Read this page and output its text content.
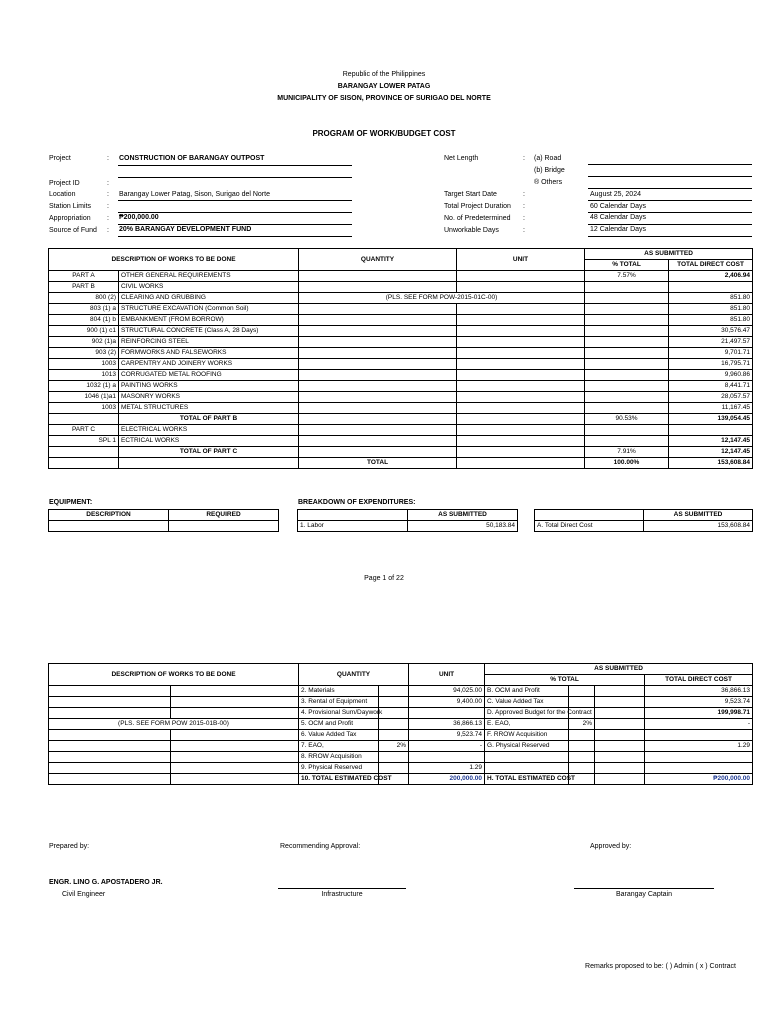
Republic of the Philippines
BARANGAY LOWER PATAG
MUNICIPALITY OF SISON, PROVINCE OF SURIGAO DEL NORTE
PROGRAM OF WORK/BUDGET COST
Project	: CONSTRUCTION OF BARANGAY OUTPOST
Project ID	:
Location	: Barangay Lower Patag, Sison, Surigao del Norte
Station Limits :
Appropriation : ₱200,000.00
Source of Fund : 20% BARANGAY DEVELOPMENT FUND
Net Length	: (a) Road
(b) Bridge
® Others
Target Start Date	:	August 25, 2024
Total Project Duration :	60 Calendar Days
No. of Predetermined :	48 Calendar Days
Unworkable Days	:	12 Calendar Days
DESCRIPTION OF WORKS TO BE DONE		QUANTITY	UNIT	AS SUBMITTED	
				% TOTAL	TOTAL DIRECT COST
PART A	OTHER GENERAL REQUIREMENTS			7.57%	2,406.94
PART B	CIVIL WORKS				
800 (2)	CLEARING AND GRUBBING	(PLS. SEE FORM POW-2015-01C-00)			851.80
803 (1) a	STRUCTURE EXCAVATION (Common Soil)				851.80
804 (1) b	EMBANKMENT (FROM BORROW)				851.80
900 (1) c1	STRUCTURAL CONCRETE (Class A, 28 Days)				30,576.47
902 (1)a	REINFORCING STEEL				21,497.57
903 (2)	FORMWORKS AND FALSEWORKS				9,701.71
1003	CARPENTRY AND JOINERY WORKS				16,795.71
1013	CORRUGATED METAL ROOFING				9,960.86
1032 (1) a	PAINTING WORKS				8,441.71
1046 (1)a1	MASONRY WORKS				28,057.57
1003	METAL STRUCTURES				11,167.45
	TOTAL OF PART B			90.53%	139,054.45
PART C	ELECTRICAL WORKS				
SPL 1	ECTRICAL WORKS				12,147.45
	TOTAL OF PART C			7.91%	12,147.45
		TOTAL		100.00%	153,608.84
EQUIPMENT:
DESCRIPTION	REQUIRED

BREAKDOWN OF EXPENDITURES:
	AS SUBMITTED
1. Labor	50,183.84
	AS SUBMITTED
A. Total Direct Cost	153,608.84
Page 1 of 22
DESCRIPTION OF WORKS TO BE DONE		QUANTITY		UNIT	AS SUBMITTED			
					% TOTAL			TOTAL DIRECT COST
		2. Materials		94,025.00	B. OCM and Profit			36,866.13
		3. Rental of Equipment		9,400.00	C. Value Added Tax			9,523.74
		4. Provisional Sum/Daywork			D. Approved Budget for the Contract			199,998.71
(PLS. SEE FORM POW 2015-01B-00)		5. OCM and Profit		36,866.13	E. EAO,	2%		-
		6. Value Added Tax		9,523.74	F. RROW Acquisition			
		7. EAO,	2%	-	G. Physical Reserved			1.29
		8. RROW Acquisition						
		9. Physical Reserved		1.29				
		10. TOTAL ESTIMATED COST		200,000.00	H. TOTAL ESTIMATED COST			₱200,000.00
Prepared by:	Recommending Approval:	Approved by:
ENGR. LINO G. APOSTADERO JR.
Civil Engineer	Infrastructure	Barangay Captain
Remarks proposed to be: ( ) Admin ( x ) Contract
